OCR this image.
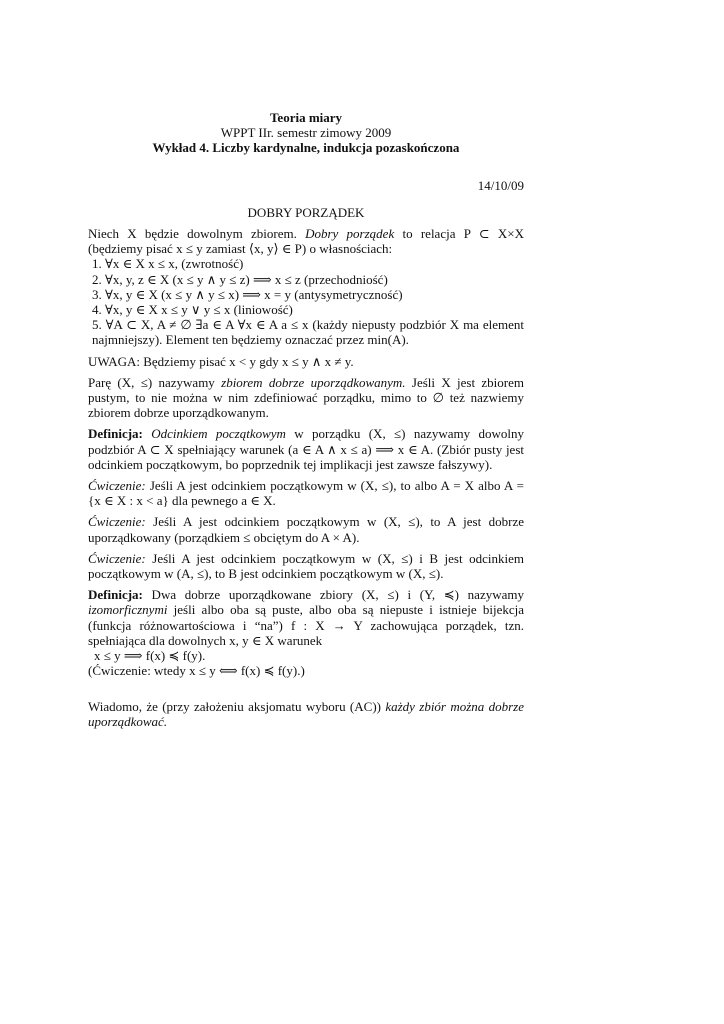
Teoria miary
WPPT IIr. semestr zimowy 2009
Wykład 4. Liczby kardynalne, indukcja pozaskończona
14/10/09
DOBRY PORZĄDEK

Niech X będzie dowolnym zbiorem. Dobry porządek to relacja P ⊂ X×X (będziemy pisać x ≤ y zamiast ⟨x, y⟩ ∈ P) o własnościach:

1. ∀x ∈ X x ≤ x, (zwrotność)
2. ∀x, y, z ∈ X (x ≤ y ∧ y ≤ z) ⟹ x ≤ z (przechodniość)
3. ∀x, y ∈ X (x ≤ y ∧ y ≤ x) ⟹ x = y (antysymetryczność)
4. ∀x, y ∈ X x ≤ y ∨ y ≤ x (liniowość)
5. ∀A ⊂ X, A ≠ ∅ ∃a ∈ A ∀x ∈ A a ≤ x (każdy niepusty podzbiór X ma element najmniejszy). Element ten będziemy oznaczać przez min(A).

UWAGA: Będziemy pisać x < y gdy x ≤ y ∧ x ≠ y.

Parę (X, ≤) nazywamy zbiorem dobrze uporządkowanym. Jeśli X jest zbiorem pustym, to nie można w nim zdefiniować porządku, mimo to ∅ też nazwiemy zbiorem dobrze uporządkowanym.

Definicja: Odcinkiem początkowym w porządku (X, ≤) nazywamy dowolny podzbiór A ⊂ X spełniający warunek (a ∈ A ∧ x ≤ a) ⟹ x ∈ A. (Zbiór pusty jest odcinkiem początkowym, bo poprzednik tej implikacji jest zawsze fałszywy).

Ćwiczenie: Jeśli A jest odcinkiem początkowym w (X, ≤), to albo A = X albo A = {x ∈ X : x < a} dla pewnego a ∈ X.

Ćwiczenie: Jeśli A jest odcinkiem początkowym w (X, ≤), to A jest dobrze uporządkowany (porządkiem ≤ obciętym do A × A).

Ćwiczenie: Jeśli A jest odcinkiem początkowym w (X, ≤) i B jest odcinkiem początkowym w (A, ≤), to B jest odcinkiem początkowym w (X, ≤).

Definicja: Dwa dobrze uporządkowane zbiory (X, ≤) i (Y, ≼) nazywamy izomorficznymi jeśli albo oba są puste, albo oba są niepuste i istnieje bijekcja (funkcja różnowartościowa i “na”) f : X → Y zachowująca porządek, tzn. spełniająca dla dowolnych x, y ∈ X warunek

x ≤ y ⟹ f(x) ≼ f(y).
(Ćwiczenie: wtedy x ≤ y ⟺ f(x) ≼ f(y).)

Wiadomo, że (przy założeniu aksjomatu wyboru (AC)) każdy zbiór można dobrze uporządkować.
